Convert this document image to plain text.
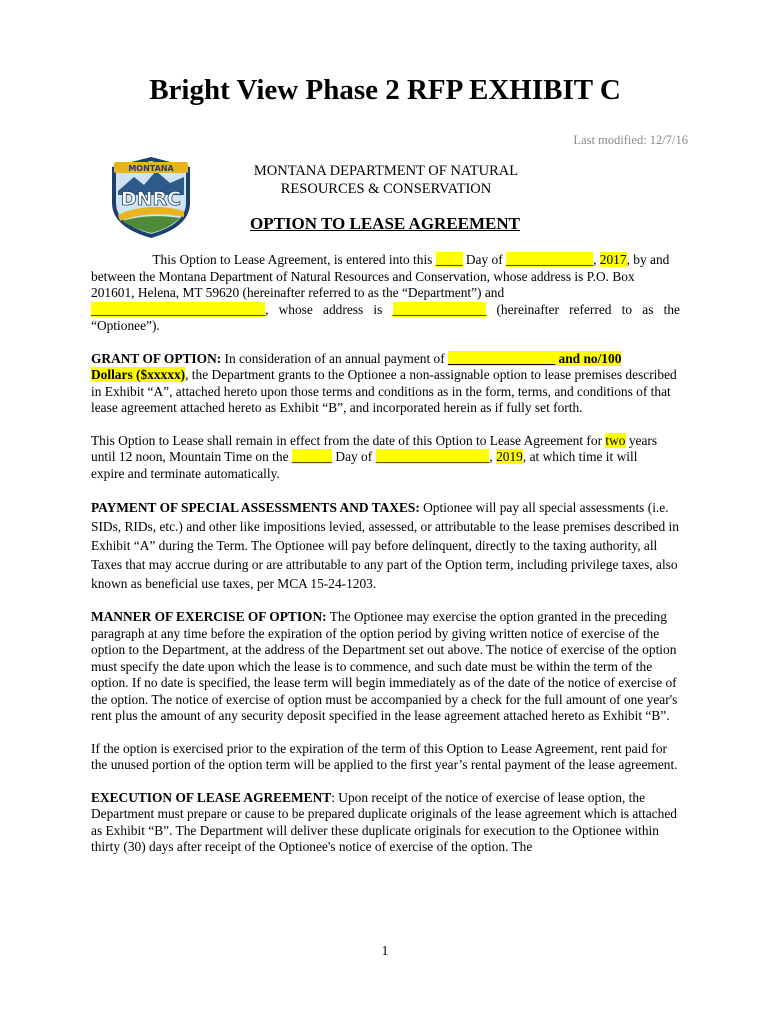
Bright View Phase 2 RFP EXHIBIT C
Last modified: 12/7/16
MONTANA
DNRC
MONTANA DEPARTMENT OF NATURAL
RESOURCES & CONSERVATION
OPTION TO LEASE AGREEMENT

This Option to Lease Agreement, is entered into this ____ Day of _____________, 2017, by and
between the Montana Department of Natural Resources and Conservation, whose address is P.O. Box
201601, Helena, MT 59620 (hereinafter referred to as the “Department”) and

__________________________, whose address is ______________ (hereinafter referred to as the
“Optionee”).

GRANT OF OPTION: In consideration of an annual payment of ________________ and no/100
Dollars ($xxxxx), the Department grants to the Optionee a non-assignable option to lease premises described in Exhibit “A”, attached hereto upon those terms and conditions as in the form, terms, and conditions of that lease agreement attached hereto as Exhibit “B”, and incorporated herein as if fully set forth.

This Option to Lease shall remain in effect from the date of this Option to Lease Agreement for two years
until 12 noon, Mountain Time on the ______ Day of _________________, 2019, at which time it will
expire and terminate automatically.

PAYMENT OF SPECIAL ASSESSMENTS AND TAXES: Optionee will pay all special assessments (i.e. SIDs, RIDs, etc.) and other like impositions levied, assessed, or attributable to the lease premises described in Exhibit “A” during the Term. The Optionee will pay before delinquent, directly to the taxing authority, all Taxes that may accrue during or are attributable to any part of the Option term, including privilege taxes, also known as beneficial use taxes, per MCA 15-24-1203.

MANNER OF EXERCISE OF OPTION: The Optionee may exercise the option granted in the preceding paragraph at any time before the expiration of the option period by giving written notice of exercise of the option to the Department, at the address of the Department set out above. The notice of exercise of the option must specify the date upon which the lease is to commence, and such date must be within the term of the option. If no date is specified, the lease term will begin immediately as of the date of the notice of exercise of the option. The notice of exercise of option must be accompanied by a check for the full amount of one year's rent plus the amount of any security deposit specified in the lease agreement attached hereto as Exhibit “B”.

If the option is exercised prior to the expiration of the term of this Option to Lease Agreement, rent paid for the unused portion of the option term will be applied to the first year’s rental payment of the lease agreement.

EXECUTION OF LEASE AGREEMENT: Upon receipt of the notice of exercise of lease option, the Department must prepare or cause to be prepared duplicate originals of the lease agreement which is attached as Exhibit “B”. The Department will deliver these duplicate originals for execution to the Optionee within thirty (30) days after receipt of the Optionee's notice of exercise of the option. The

1
